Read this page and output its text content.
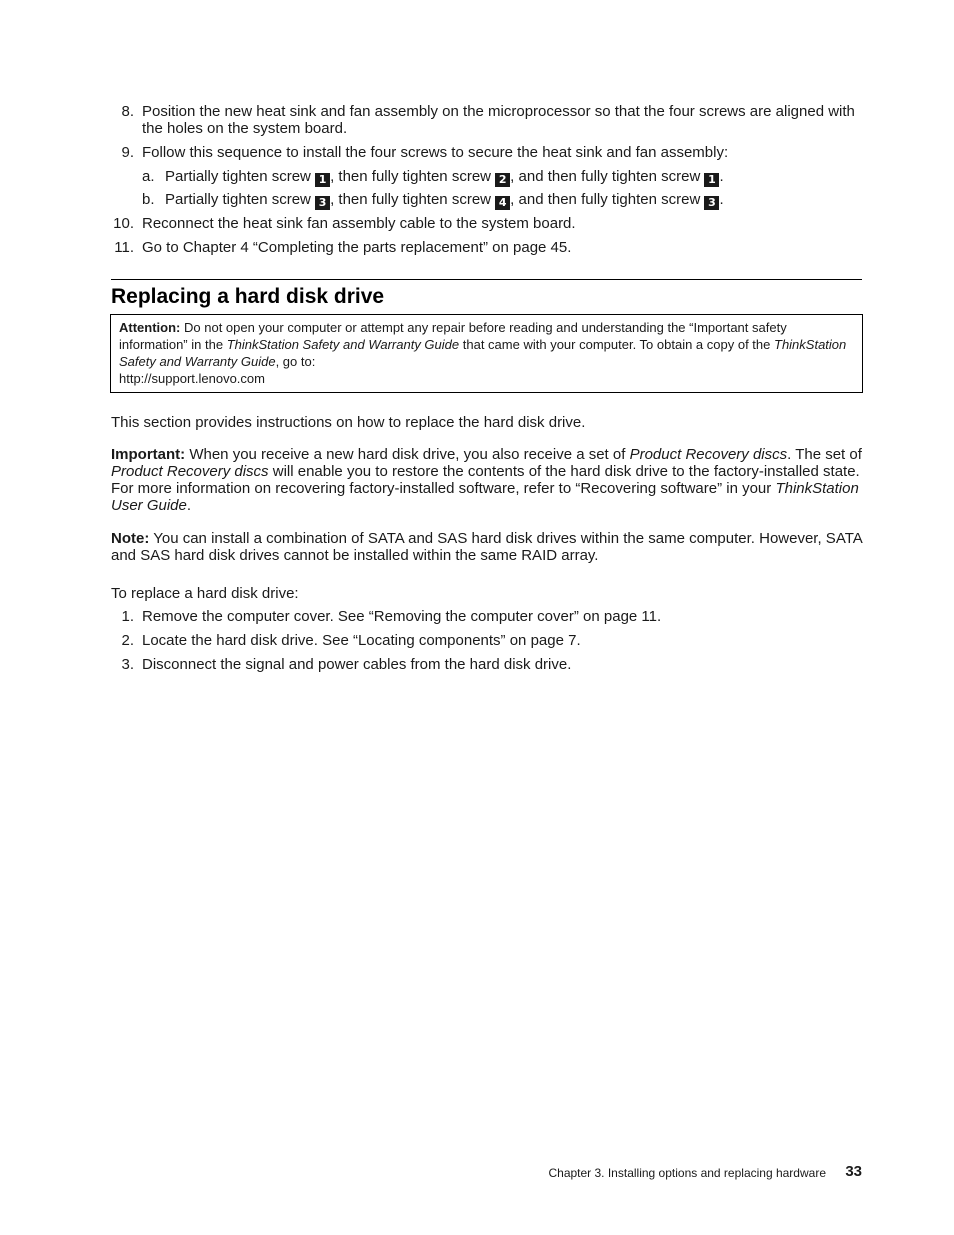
8. Position the new heat sink and fan assembly on the microprocessor so that the four screws are aligned with the holes on the system board.
9. Follow this sequence to install the four screws to secure the heat sink and fan assembly:
a. Partially tighten screw 1 , then fully tighten screw 2 , and then fully tighten screw 1 .
b. Partially tighten screw 3 , then fully tighten screw 4 , and then fully tighten screw 3 .
10. Reconnect the heat sink fan assembly cable to the system board.
11. Go to Chapter 4 “Completing the parts replacement” on page 45.
Replacing a hard disk drive
Attention: Do not open your computer or attempt any repair before reading and understanding the “Important safety information” in the ThinkStation Safety and Warranty Guide that came with your computer. To obtain a copy of the ThinkStation Safety and Warranty Guide, go to:
http://support.lenovo.com
This section provides instructions on how to replace the hard disk drive.
Important: When you receive a new hard disk drive, you also receive a set of Product Recovery discs. The set of Product Recovery discs will enable you to restore the contents of the hard disk drive to the factory-installed state. For more information on recovering factory-installed software, refer to “Recovering software” in your ThinkStation User Guide.
Note: You can install a combination of SATA and SAS hard disk drives within the same computer. However, SATA and SAS hard disk drives cannot be installed within the same RAID array.
To replace a hard disk drive:
1. Remove the computer cover. See “Removing the computer cover” on page 11.
2. Locate the hard disk drive. See “Locating components” on page 7.
3. Disconnect the signal and power cables from the hard disk drive.
Chapter 3. Installing options and replacing hardware	33
